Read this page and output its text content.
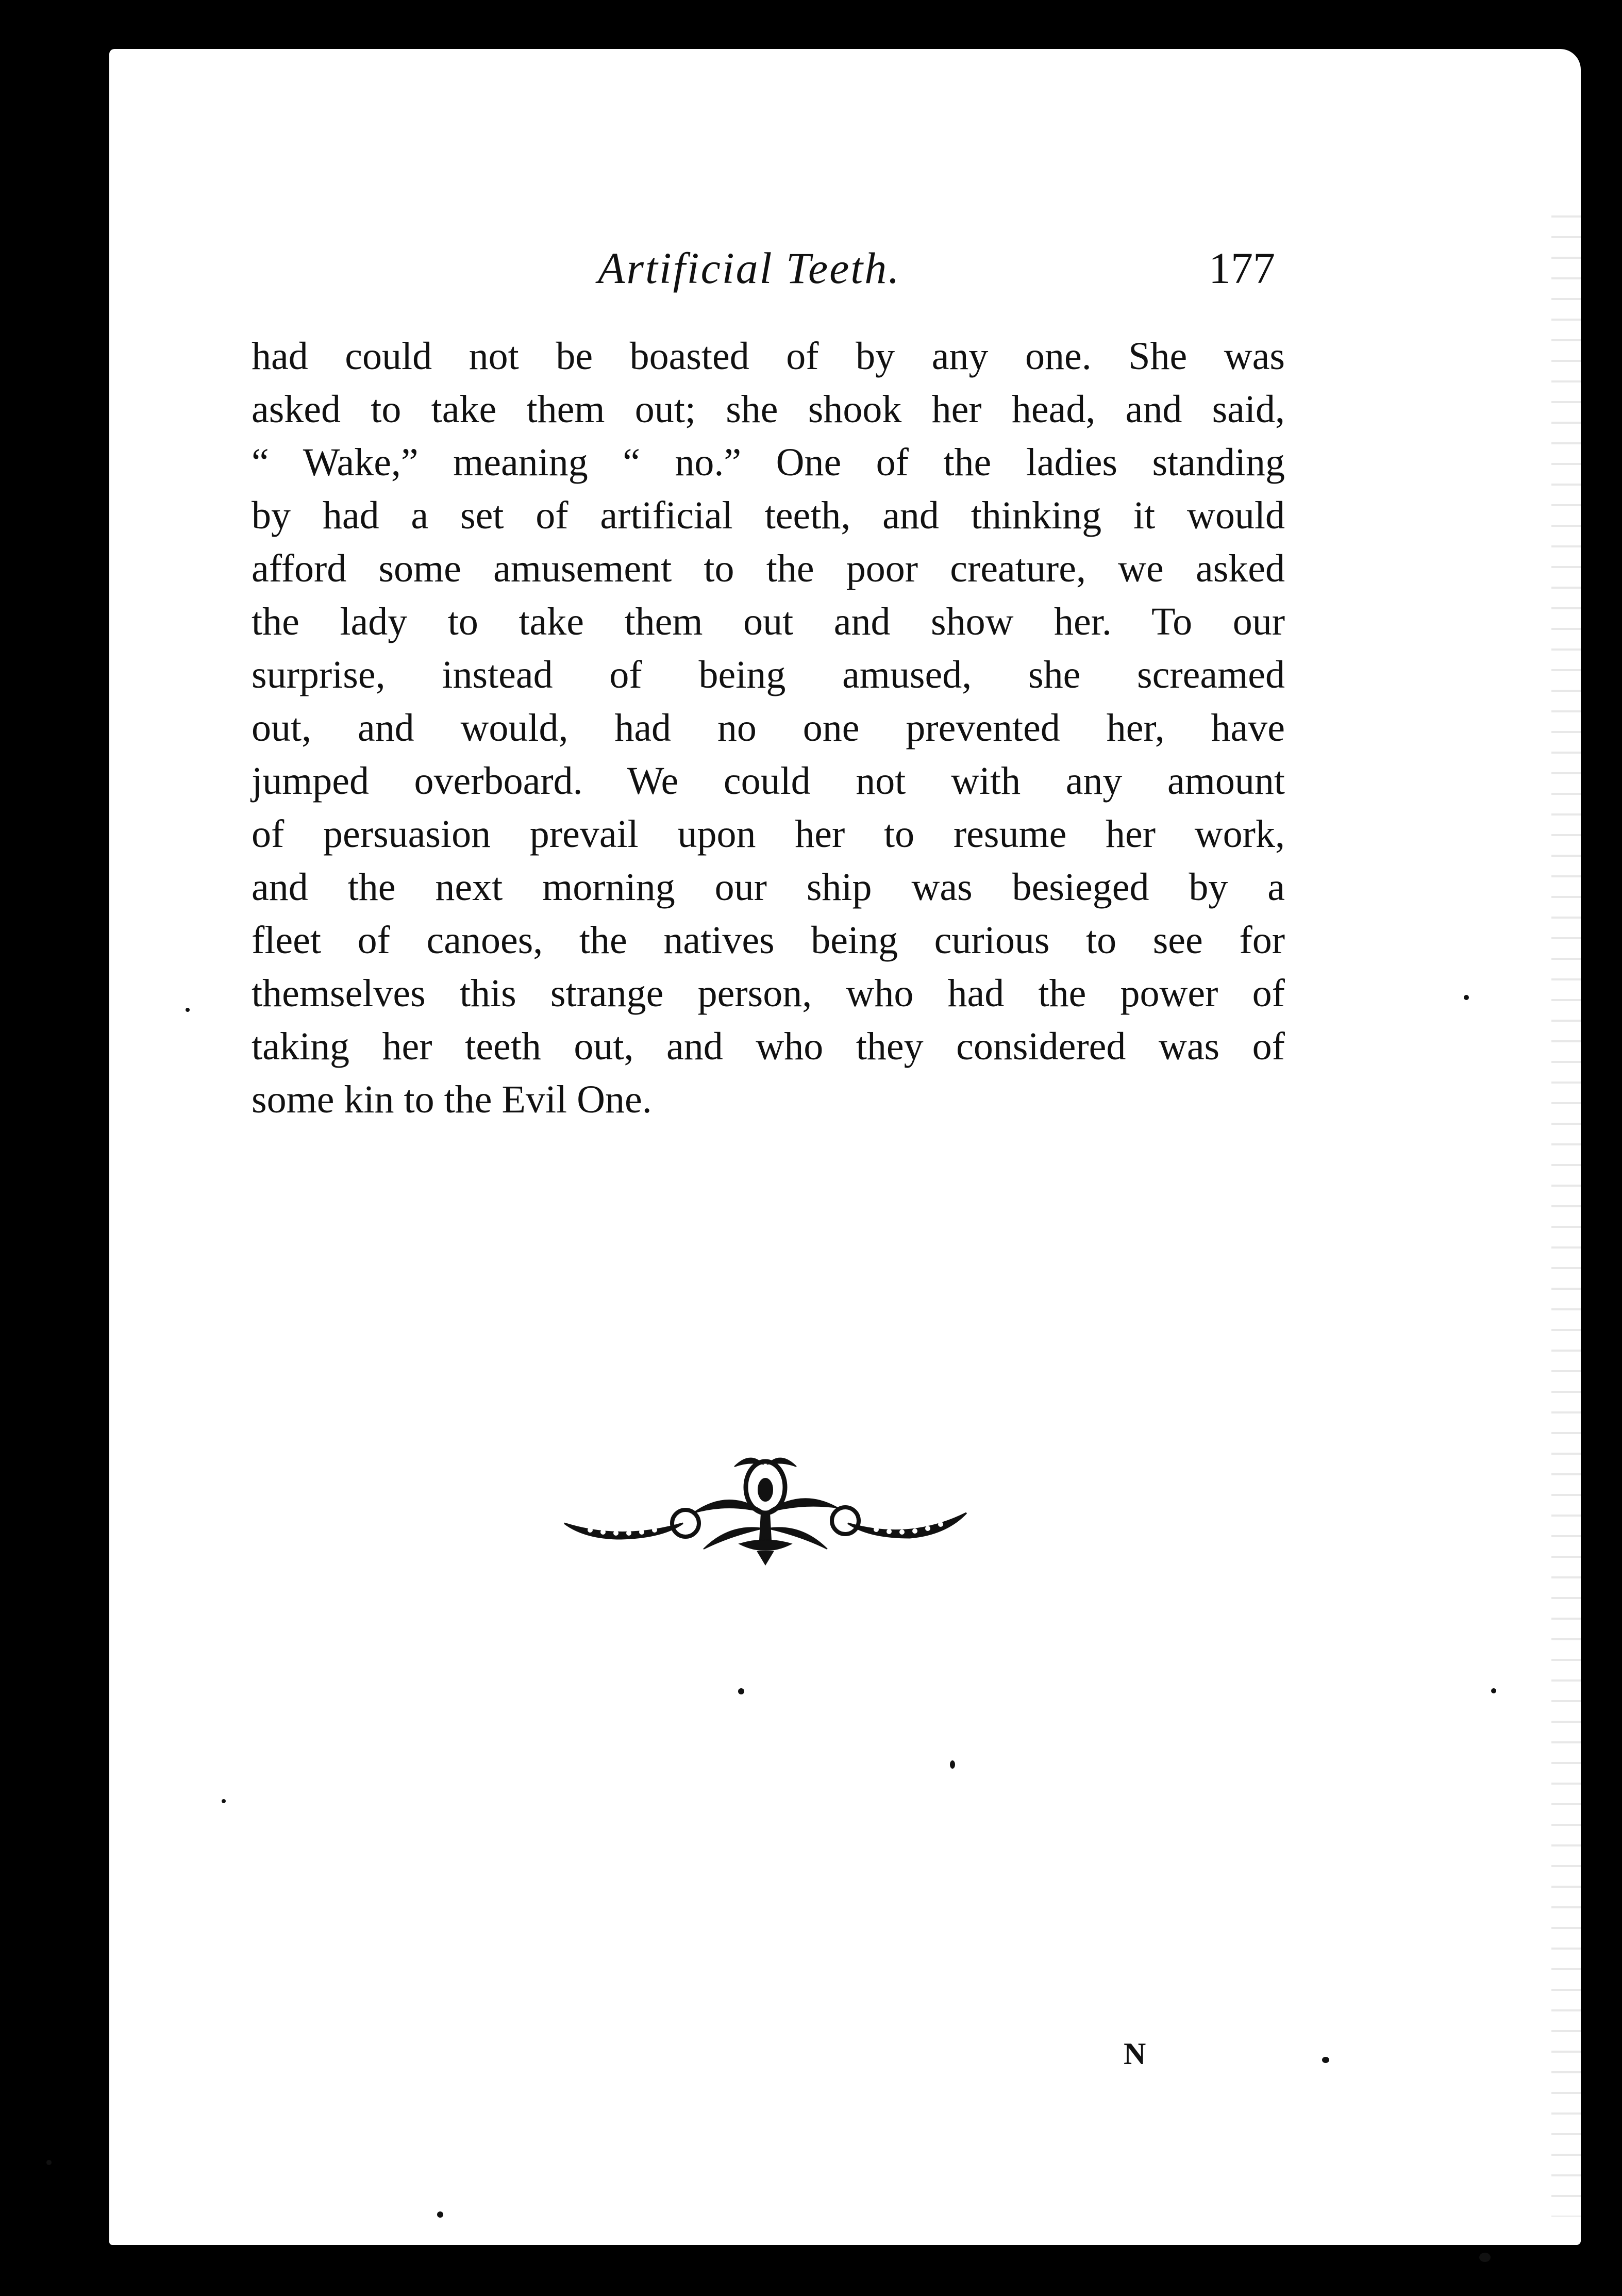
Artificial Teeth.	177
had could not be boasted of by any one. She was
asked to take them out; she shook her head, and said,
“ Wake,” meaning “ no.” One of the ladies standing
by had a set of artificial teeth, and thinking it would
afford some amusement to the poor creature, we asked
the lady to take them out and show her. To our
surprise, instead of being amused, she screamed
out, and would, had no one prevented her, have
jumped overboard. We could not with any amount
of persuasion prevail upon her to resume her work,
and the next morning our ship was besieged by a
fleet of canoes, the natives being curious to see for
themselves this strange person, who had the power of
taking her teeth out, and who they considered was of
some kin to the Evil One.
N
